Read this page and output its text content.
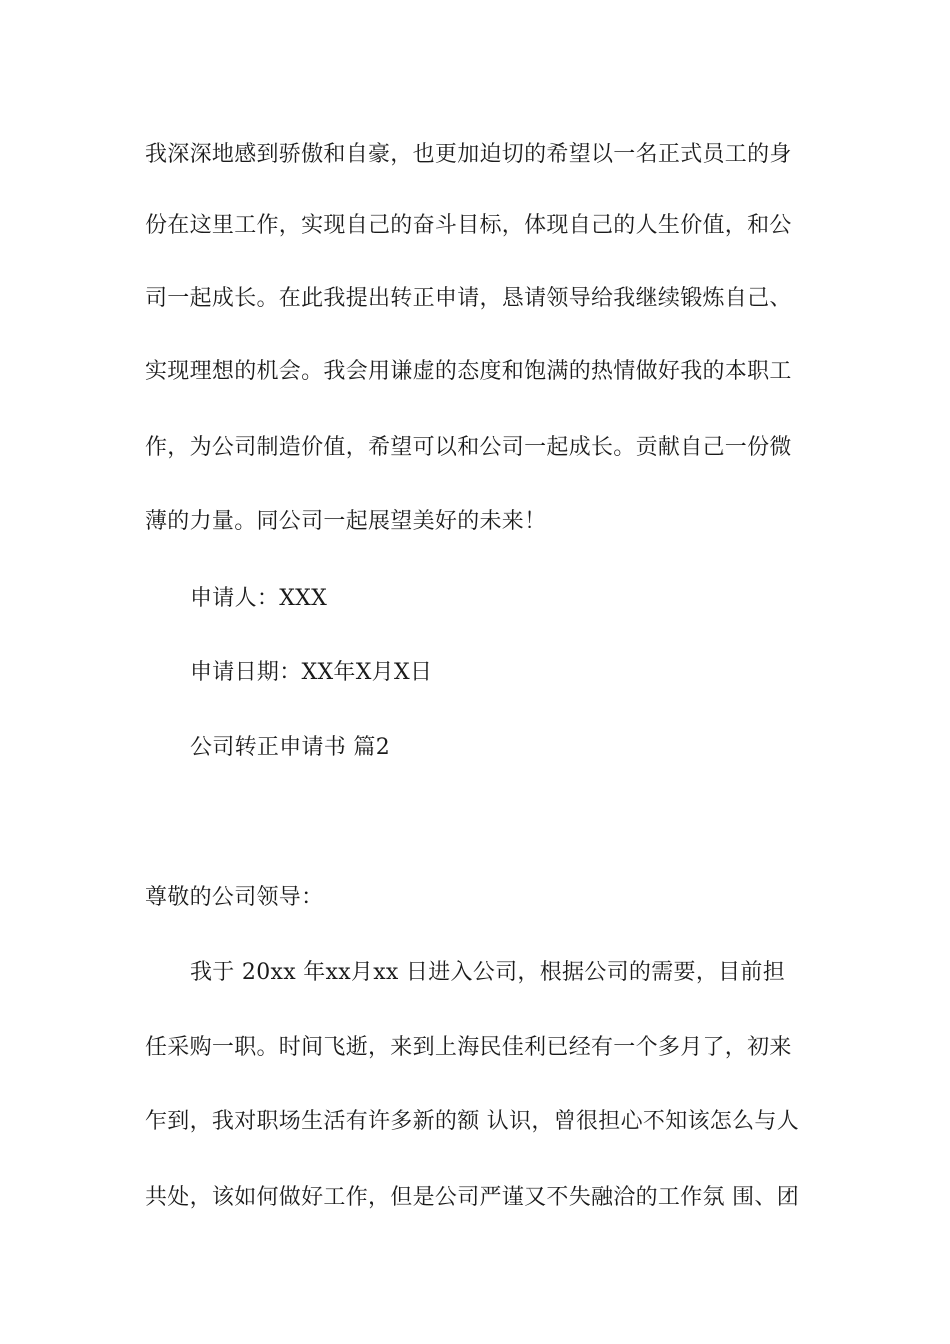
我深深地感到骄傲和自豪，也更加迫切的希望以一名正式员工的身
份在这里工作，实现自己的奋斗目标，体现自己的人生价值，和公
司一起成长。在此我提出转正申请，恳请领导给我继续锻炼自己、
实现理想的机会。我会用谦虚的态度和饱满的热情做好我的本职工
作，为公司制造价值，希望可以和公司一起成长。贡献自己一份微
薄的力量。同公司一起展望美好的未来！
申请人：XXX
申请日期：XX年X月X日
公司转正申请书 篇2
尊敬的公司领导：
我于 20xx 年xx月xx 日进入公司，根据公司的需要，目前担
任采购一职。时间飞逝，来到上海民佳利已经有一个多月了，初来
乍到，我对职场生活有许多新的额 认识，曾很担心不知该怎么与人
共处，该如何做好工作，但是公司严谨又不失融洽的工作氛 围、团
